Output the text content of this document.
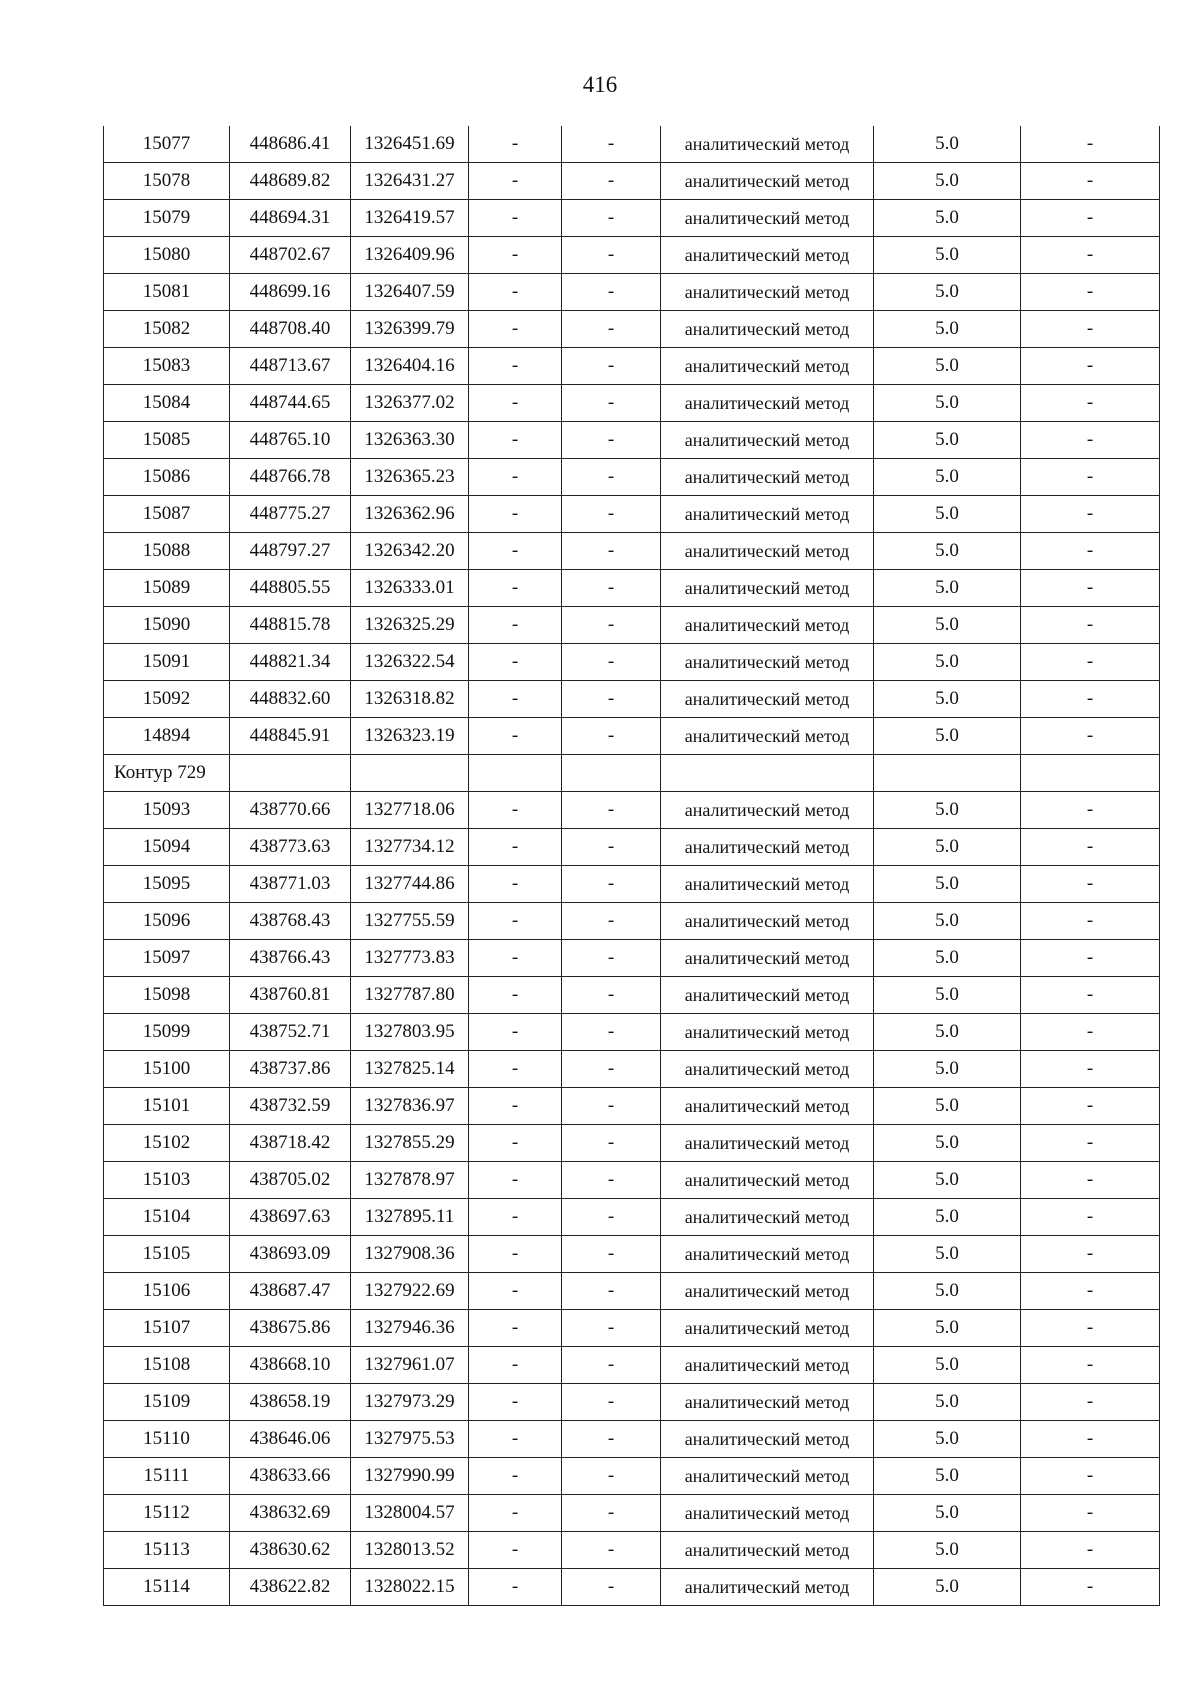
416
15077	448686.41	1326451.69	-	-	аналитический метод	5.0	-
15078	448689.82	1326431.27	-	-	аналитический метод	5.0	-
15079	448694.31	1326419.57	-	-	аналитический метод	5.0	-
15080	448702.67	1326409.96	-	-	аналитический метод	5.0	-
15081	448699.16	1326407.59	-	-	аналитический метод	5.0	-
15082	448708.40	1326399.79	-	-	аналитический метод	5.0	-
15083	448713.67	1326404.16	-	-	аналитический метод	5.0	-
15084	448744.65	1326377.02	-	-	аналитический метод	5.0	-
15085	448765.10	1326363.30	-	-	аналитический метод	5.0	-
15086	448766.78	1326365.23	-	-	аналитический метод	5.0	-
15087	448775.27	1326362.96	-	-	аналитический метод	5.0	-
15088	448797.27	1326342.20	-	-	аналитический метод	5.0	-
15089	448805.55	1326333.01	-	-	аналитический метод	5.0	-
15090	448815.78	1326325.29	-	-	аналитический метод	5.0	-
15091	448821.34	1326322.54	-	-	аналитический метод	5.0	-
15092	448832.60	1326318.82	-	-	аналитический метод	5.0	-
14894	448845.91	1326323.19	-	-	аналитический метод	5.0	-
Контур 729							
15093	438770.66	1327718.06	-	-	аналитический метод	5.0	-
15094	438773.63	1327734.12	-	-	аналитический метод	5.0	-
15095	438771.03	1327744.86	-	-	аналитический метод	5.0	-
15096	438768.43	1327755.59	-	-	аналитический метод	5.0	-
15097	438766.43	1327773.83	-	-	аналитический метод	5.0	-
15098	438760.81	1327787.80	-	-	аналитический метод	5.0	-
15099	438752.71	1327803.95	-	-	аналитический метод	5.0	-
15100	438737.86	1327825.14	-	-	аналитический метод	5.0	-
15101	438732.59	1327836.97	-	-	аналитический метод	5.0	-
15102	438718.42	1327855.29	-	-	аналитический метод	5.0	-
15103	438705.02	1327878.97	-	-	аналитический метод	5.0	-
15104	438697.63	1327895.11	-	-	аналитический метод	5.0	-
15105	438693.09	1327908.36	-	-	аналитический метод	5.0	-
15106	438687.47	1327922.69	-	-	аналитический метод	5.0	-
15107	438675.86	1327946.36	-	-	аналитический метод	5.0	-
15108	438668.10	1327961.07	-	-	аналитический метод	5.0	-
15109	438658.19	1327973.29	-	-	аналитический метод	5.0	-
15110	438646.06	1327975.53	-	-	аналитический метод	5.0	-
15111	438633.66	1327990.99	-	-	аналитический метод	5.0	-
15112	438632.69	1328004.57	-	-	аналитический метод	5.0	-
15113	438630.62	1328013.52	-	-	аналитический метод	5.0	-
15114	438622.82	1328022.15	-	-	аналитический метод	5.0	-
